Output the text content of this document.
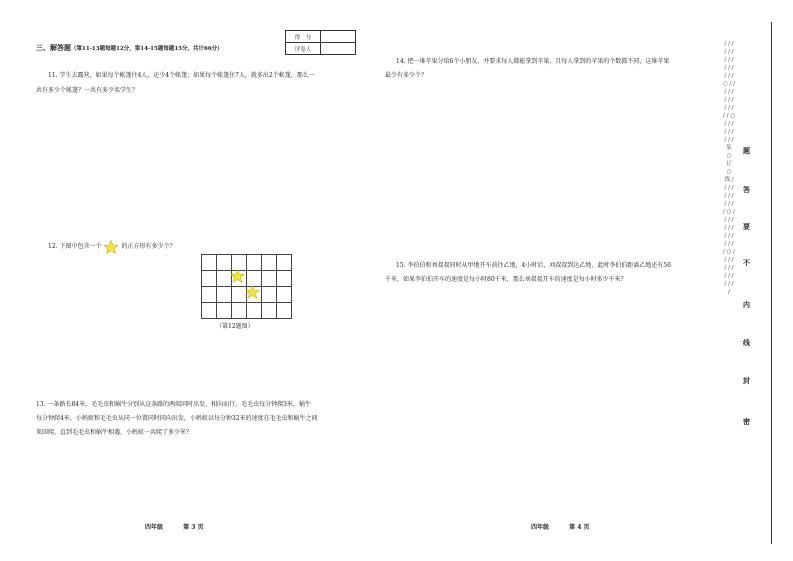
三、解答题（第11-13题每题12分，第14-15题每题15分，共计66分）
得　分	
评卷人	
11. 学生去露营，如果每个帐篷住4人，还少4个帐篷；如果每个帐篷住7人，就多出2个帐篷，那么一
共有多少个帐篷？一共有多少名学生？
12. 下图中包含一个	的正方形有多少个？

（第12题图）
13. 一条路长84米，毛毛虫和蜗牛分别从这条路的两端同时出发，相向而行，毛毛虫每分钟爬3米，蜗牛
每分钟爬4米，小蚂蚁和毛毛虫从同一位置同时同向出发，小蚂蚁以每分钟32米的速度在毛毛虫和蜗牛之间
来回爬，直到毛毛虫和蜗牛相遇，小蚂蚁一共爬了多少米？
14. 把一堆苹果分给6个小朋友，并要求每人都能拿到苹果，且每人拿到的苹果的个数都不同，这堆苹果
最少有多少个？
15. 李伯伯和刘叔叔同时从甲地开车前往乙地，4小时后，刘叔叔到达乙地，此时李伯伯距离乙地还有56
千米，如果李伯伯开车的速度是每小时80千米，那么刘叔叔开车的速度是每小时多少千米？
四年级	第 3 页	四年级	第 4 页
/ / / / / / / / / / / / / / / ○ / / / / / / / / / / / / / ○ / / / / / / / / / 装 ○ 订 ○ 线 / / / / / / / / / / / ○ / / / / / / / / / / / / / / ○ / / / / / / / / / / / / / /
题
答
要
不
内
线
封
密
